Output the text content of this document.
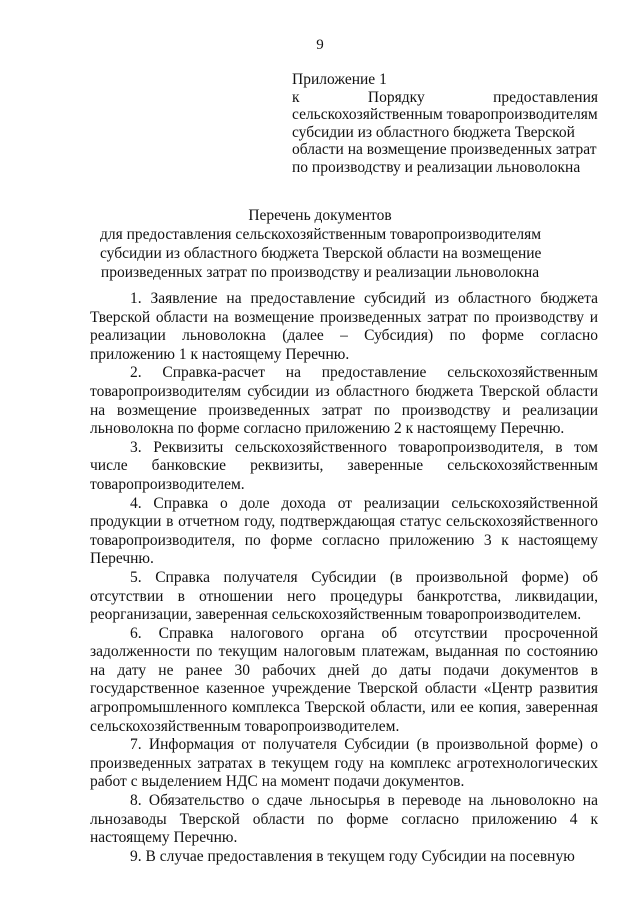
9
Приложение 1
к Порядку предоставления
сельскохозяйственным товаропроизводителям
субсидии из областного бюджета Тверской
области на возмещение произведенных затрат
по производству и реализации льноволокна
Перечень документов
для предоставления сельскохозяйственным товаропроизводителям
субсидии из областного бюджета Тверской области на возмещение
произведенных затрат по производству и реализации льноволокна

1. Заявление на предоставление субсидий из областного бюджета Тверской области на возмещение произведенных затрат по производству и реализации льноволокна (далее – Субсидия) по форме согласно приложению 1 к настоящему Перечню.

2. Справка-расчет на предоставление сельскохозяйственным товаропроизводителям субсидии из областного бюджета Тверской области на возмещение произведенных затрат по производству и реализации льноволокна по форме согласно приложению 2 к настоящему Перечню.

3. Реквизиты сельскохозяйственного товаропроизводителя, в том числе банковские реквизиты, заверенные сельскохозяйственным товаропроизводителем.

4. Справка о доле дохода от реализации сельскохозяйственной продукции в отчетном году, подтверждающая статус сельскохозяйственного товаропроизводителя, по форме согласно приложению 3 к настоящему Перечню.

5. Справка получателя Субсидии (в произвольной форме) об отсутствии в отношении него процедуры банкротства, ликвидации, реорганизации, заверенная сельскохозяйственным товаропроизводителем.

6. Справка налогового органа об отсутствии просроченной задолженности по текущим налоговым платежам, выданная по состоянию на дату не ранее 30 рабочих дней до даты подачи документов в государственное казенное учреждение Тверской области «Центр развития агропромышленного комплекса Тверской области, или ее копия, заверенная сельскохозяйственным товаропроизводителем.

7. Информация от получателя Субсидии (в произвольной форме) о произведенных затратах в текущем году на комплекс агротехнологических работ с выделением НДС на момент подачи документов.

8. Обязательство о сдаче льносырья в переводе на льноволокно на льнозаводы Тверской области по форме согласно приложению 4 к настоящему Перечню.

9. В случае предоставления в текущем году Субсидии на посевную
